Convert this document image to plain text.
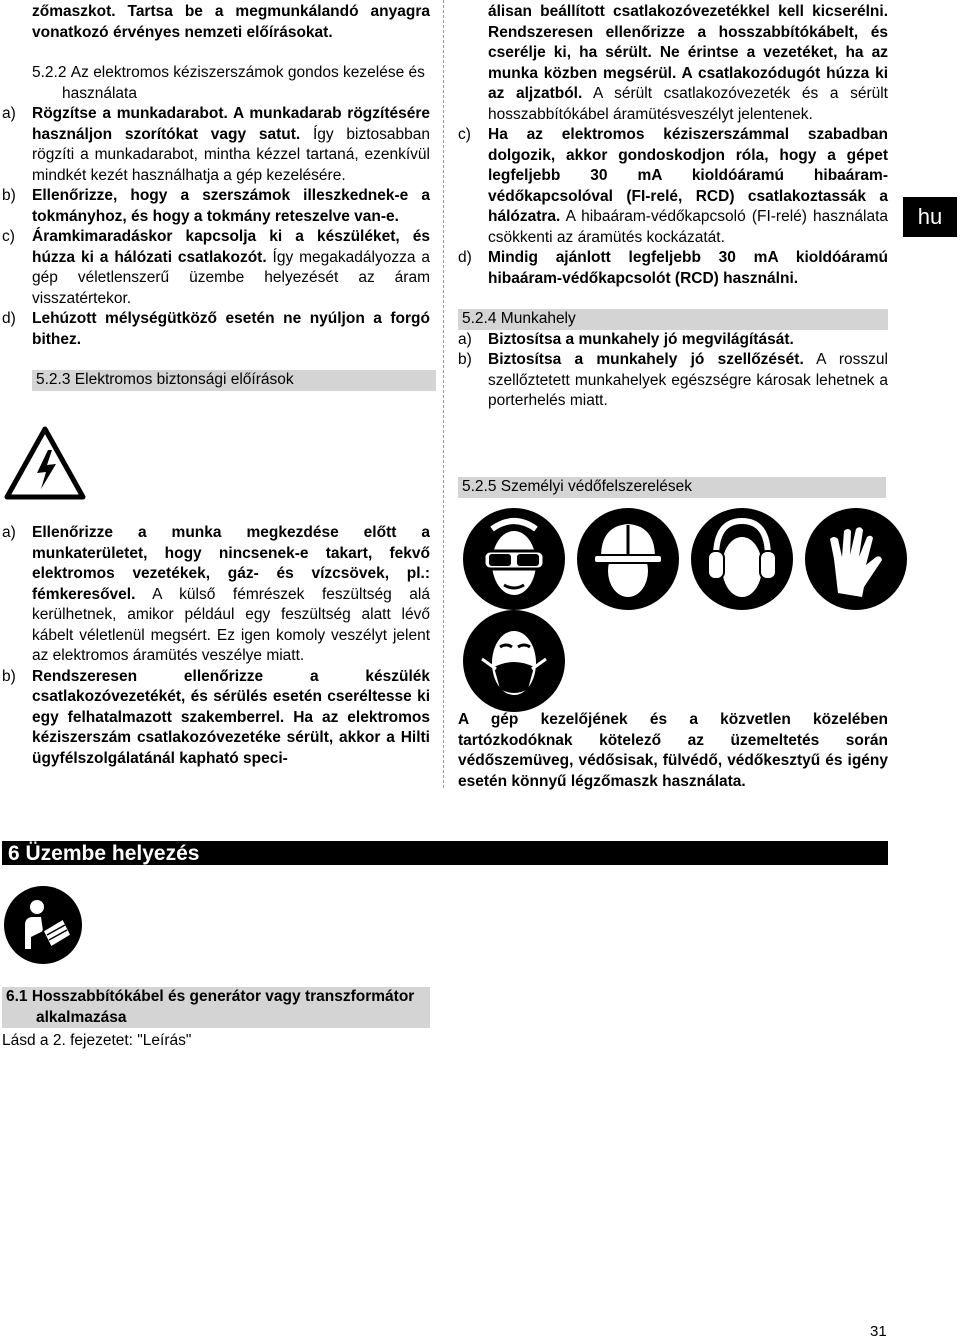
zőmaszkot. Tartsa be a megmunkálandó anyagra vonatkozó érvényes nemzeti előírásokat.
5.2.2 Az elektromos kéziszerszámok gondos kezelése és használata
a)	Rögzítse a munkadarabot. A munkadarab rögzítésére használjon szorítókat vagy satut. Így biztosabban rögzíti a munkadarabot, mintha kézzel tartaná, ezenkívül mindkét kezét használhatja a gép kezelésére.
b)	Ellenőrizze, hogy a szerszámok illeszkednek-e a tokmányhoz, és hogy a tokmány reteszelve van-e.
c)	Áramkimaradáskor kapcsolja ki a készüléket, és húzza ki a hálózati csatlakozót. Így megakadályozza a gép véletlenszerű üzembe helyezését az áram visszatértekor.
d)	Lehúzott mélységütköző esetén ne nyúljon a forgó bithez.
5.2.3 Elektromos biztonsági előírások
a)	Ellenőrizze a munka megkezdése előtt a munkaterületet, hogy nincsenek-e takart, fekvő elektromos vezetékek, gáz- és vízcsövek, pl.: fémkeresővel. A külső fémrészek feszültség alá kerülhetnek, amikor például egy feszültség alatt lévő kábelt véletlenül megsért. Ez igen komoly veszélyt jelent az elektromos áramütés veszélye miatt.
b)	Rendszeresen ellenőrizze a készülék csatlakozóvezetékét, és sérülés esetén cseréltesse ki egy felhatalmazott szakemberrel. Ha az elektromos kéziszerszám csatlakozóvezetéke sérült, akkor a Hilti ügyfélszolgálatánál kapható speci-
álisan beállított csatlakozóvezetékkel kell kicserélni. Rendszeresen ellenőrizze a hosszabbítókábelt, és cserélje ki, ha sérült. Ne érintse a vezetéket, ha az munka közben megsérül. A csatlakozódugót húzza ki az aljzatból. A sérült csatlakozóvezeték és a sérült hosszabbítókábel áramütésveszélyt jelentenek.
c)	Ha az elektromos kéziszerszámmal szabadban dolgozik, akkor gondoskodjon róla, hogy a gépet legfeljebb 30 mA kioldóáramú hibaáram-védőkapcsolóval (FI-relé, RCD) csatlakoztassák a hálózatra. A hibaáram-védőkapcsoló (FI-relé) használata csökkenti az áramütés kockázatát.
d)	Mindig ajánlott legfeljebb 30 mA kioldóáramú hibaáram-védőkapcsolót (RCD) használni.
5.2.4 Munkahely
a)	Biztosítsa a munkahely jó megvilágítását.
b)	Biztosítsa a munkahely jó szellőzését. A rosszul szellőztetett munkahelyek egészségre károsak lehetnek a porterhelés miatt.
5.2.5 Személyi védőfelszerelések
A gép kezelőjének és a közvetlen közelében tartózkodóknak kötelező az üzemeltetés során védőszemüveg, védősisak, fülvédő, védőkesztyű és igény esetén könnyű légzőmaszk használata.
hu
6 Üzembe helyezés
6.1 Hosszabbítókábel és generátor vagy transzformátor alkalmazása
Lásd a 2. fejezetet: "Leírás"
31
